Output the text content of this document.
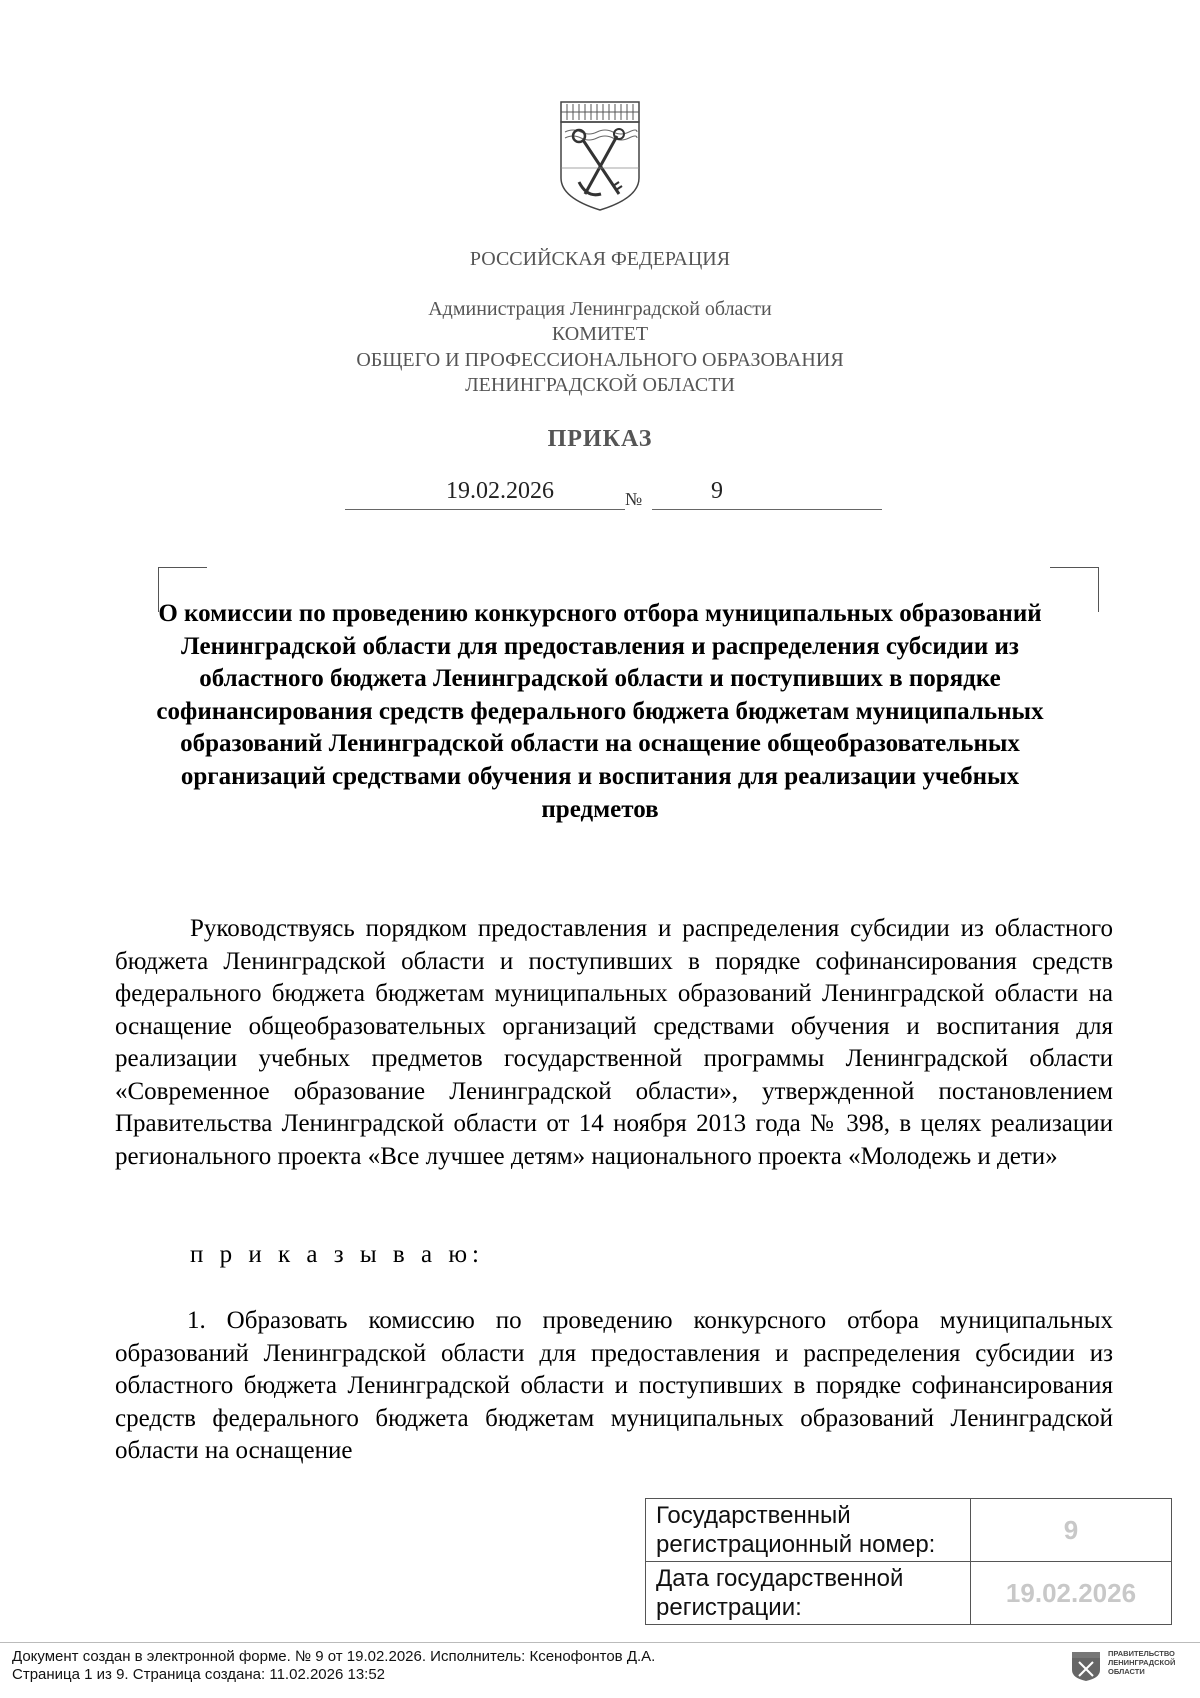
РОССИЙСКАЯ ФЕДЕРАЦИЯ
Администрация Ленинградской области
КОМИТЕТ
ОБЩЕГО И ПРОФЕССИОНАЛЬНОГО ОБРАЗОВАНИЯ
ЛЕНИНГРАДСКОЙ ОБЛАСТИ
ПРИКАЗ
19.02.2026	№	9
О комиссии по проведению конкурсного отбора муниципальных образований Ленинградской области для предоставления и распределения субсидии из областного бюджета Ленинградской области и поступивших в порядке софинансирования средств федерального бюджета бюджетам муниципальных образований Ленинградской области на оснащение общеобразовательных организаций средствами обучения и воспитания для реализации учебных предметов
Руководствуясь порядком предоставления и распределения субсидии из областного бюджета Ленинградской области и поступивших в порядке софинансирования средств федерального бюджета бюджетам муниципальных образований Ленинградской области на оснащение общеобразовательных организаций средствами обучения и воспитания для реализации учебных предметов государственной программы Ленинградской области «Современное образование Ленинградской области», утвержденной постановлением Правительства Ленинградской области от 14 ноября 2013 года № 398, в целях реализации регионального проекта «Все лучшее детям» национального проекта «Молодежь и дети»
п р и к а з ы в а ю:
1. Образовать комиссию по проведению конкурсного отбора муниципальных образований Ленинградской области для предоставления и распределения субсидии из областного бюджета Ленинградской области и поступивших в порядке софинансирования средств федерального бюджета бюджетам муниципальных образований Ленинградской области на оснащение
Государственный регистрационный номер:	9
Дата государственной регистрации:	19.02.2026
Документ создан в электронной форме. № 9 от 19.02.2026. Исполнитель: Ксенофонтов Д.А.
Страница 1 из 9. Страница создана: 11.02.2026 13:52
ПРАВИТЕЛЬСТВО
ЛЕНИНГРАДСКОЙ
ОБЛАСТИ
